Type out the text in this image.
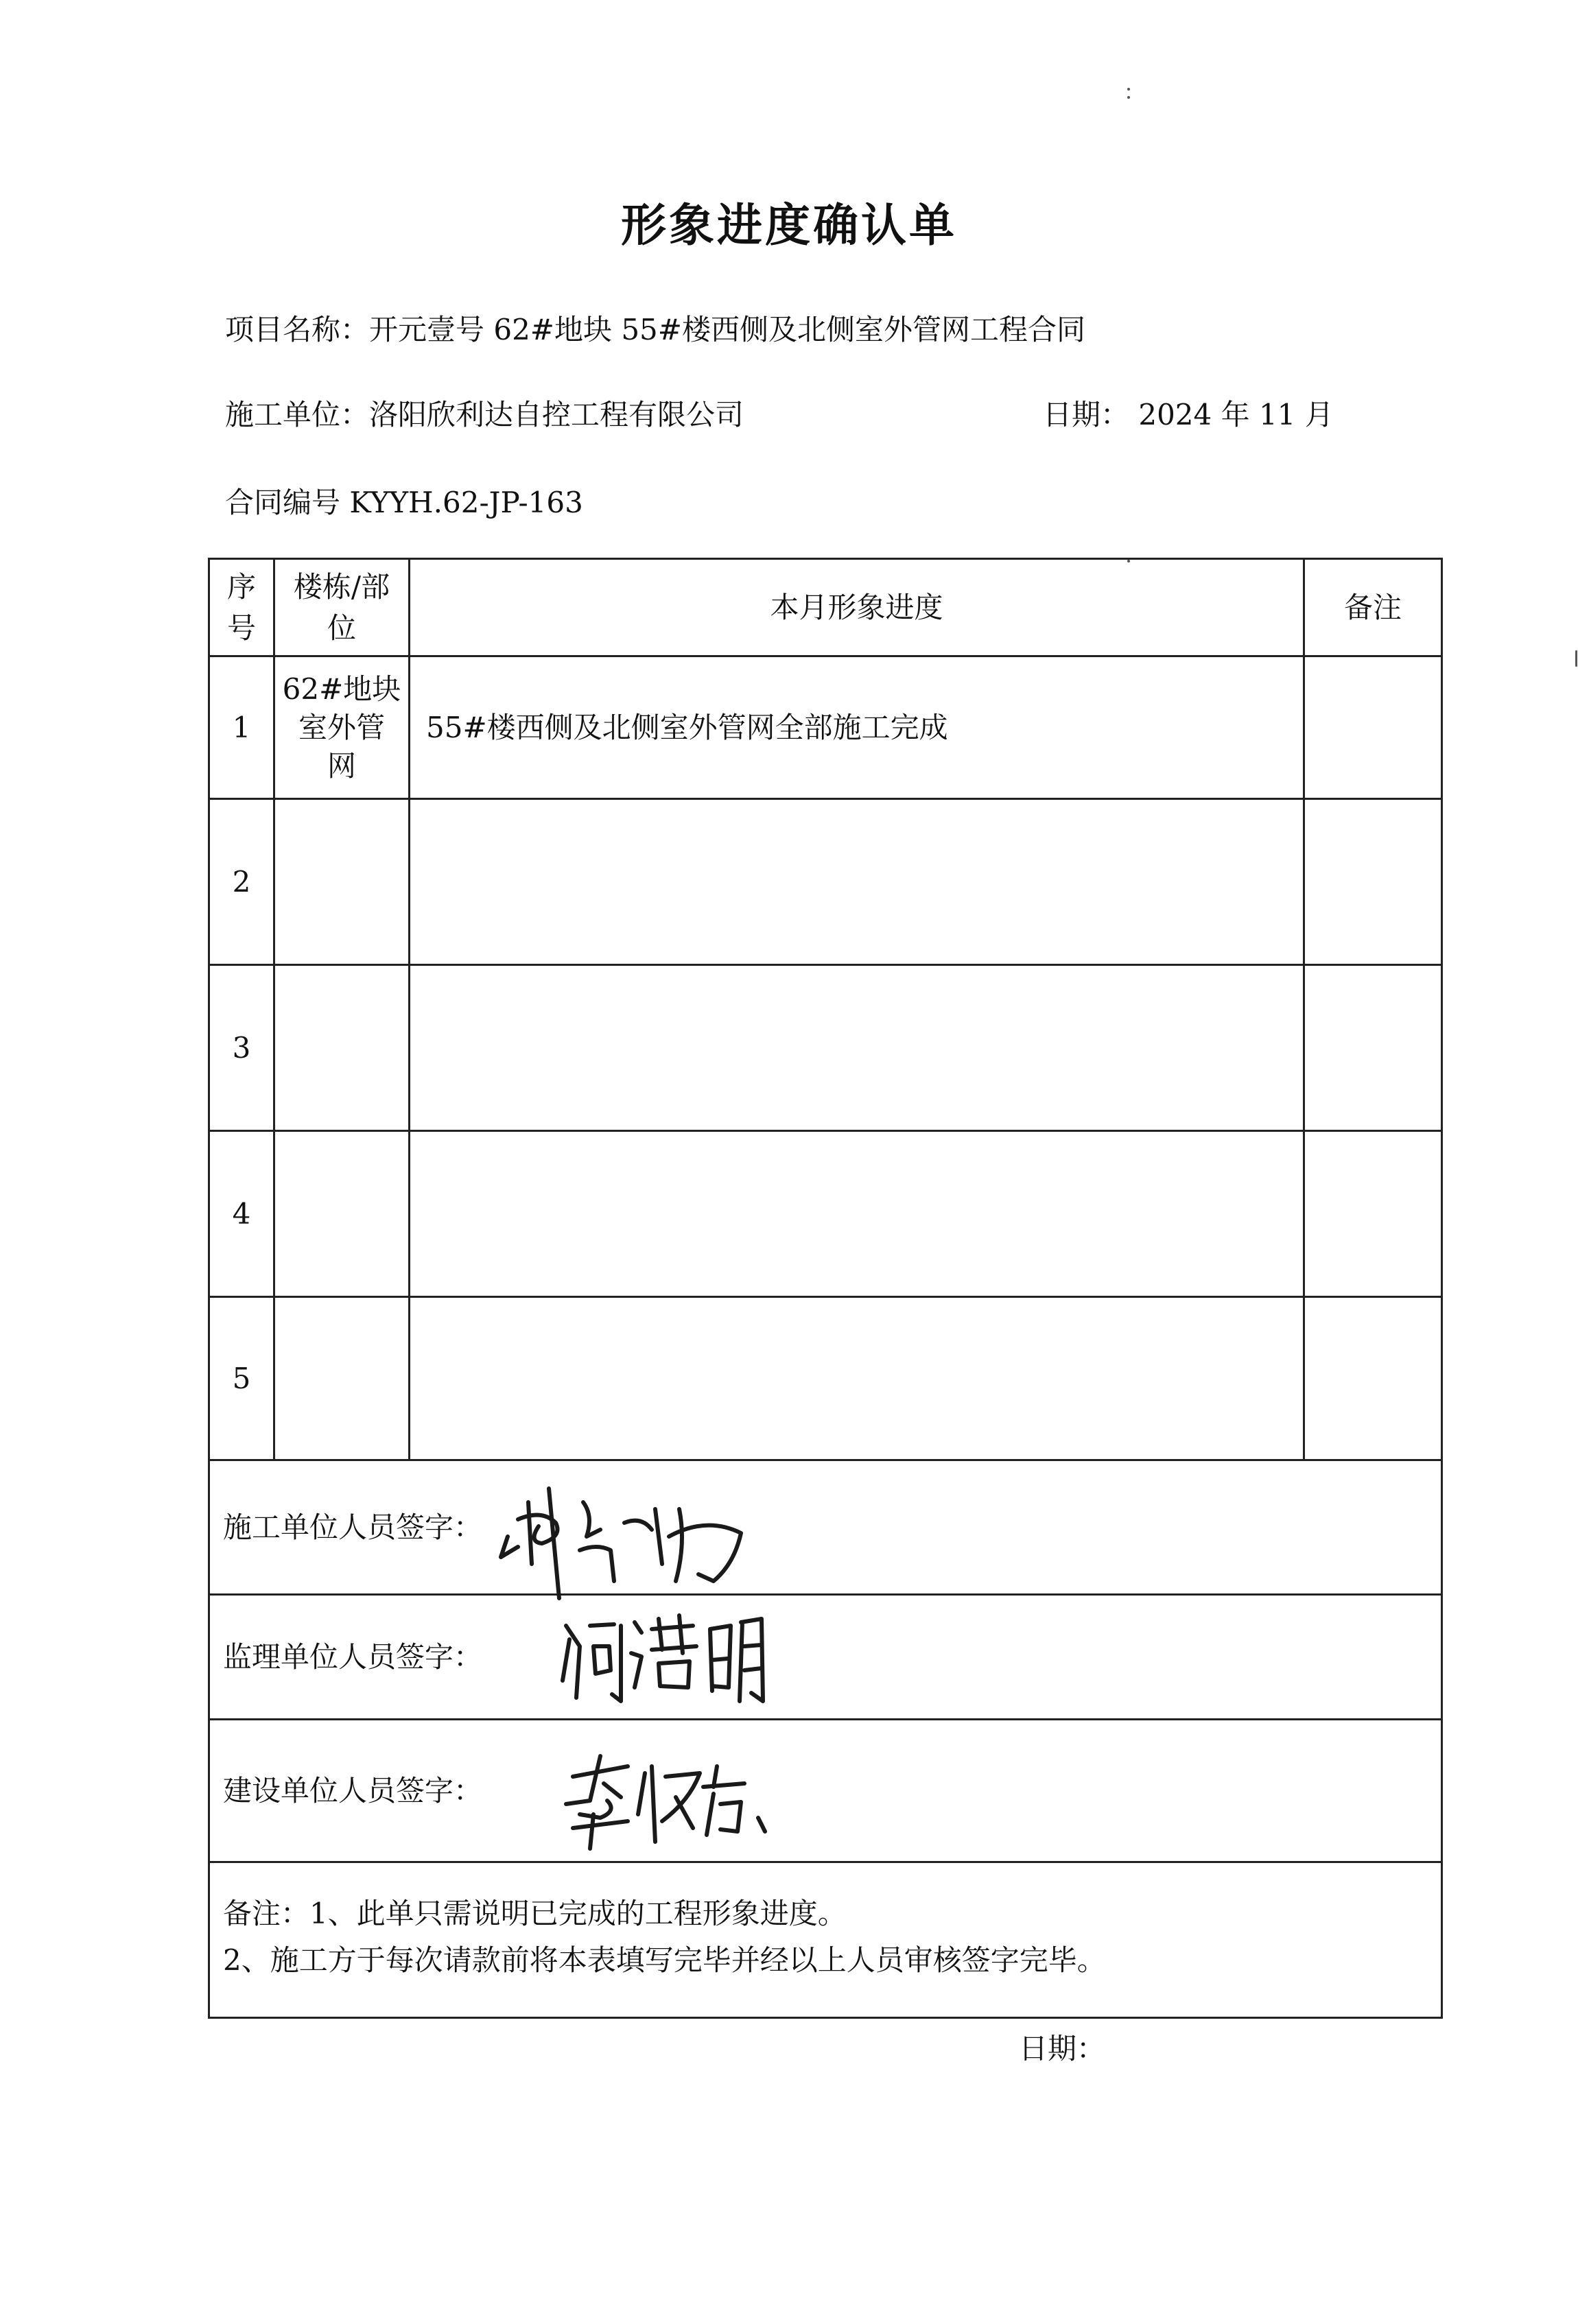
形象进度确认单
项目名称：开元壹号 62#地块 55#楼西侧及北侧室外管网工程合同
施工单位：洛阳欣利达自控工程有限公司	日期： 2024 年 11 月
合同编号 KYYH.62-JP-163
序
号
楼栋/部
位
本月形象进度	备注
1
62#地块
室外管
网
55#楼西侧及北侧室外管网全部施工完成
2
3
4
5
施工单位人员签字：
监理单位人员签字：
建设单位人员签字：
备注：1、此单只需说明已完成的工程形象进度。
2、施工方于每次请款前将本表填写完毕并经以上人员审核签字完毕。
日期：
